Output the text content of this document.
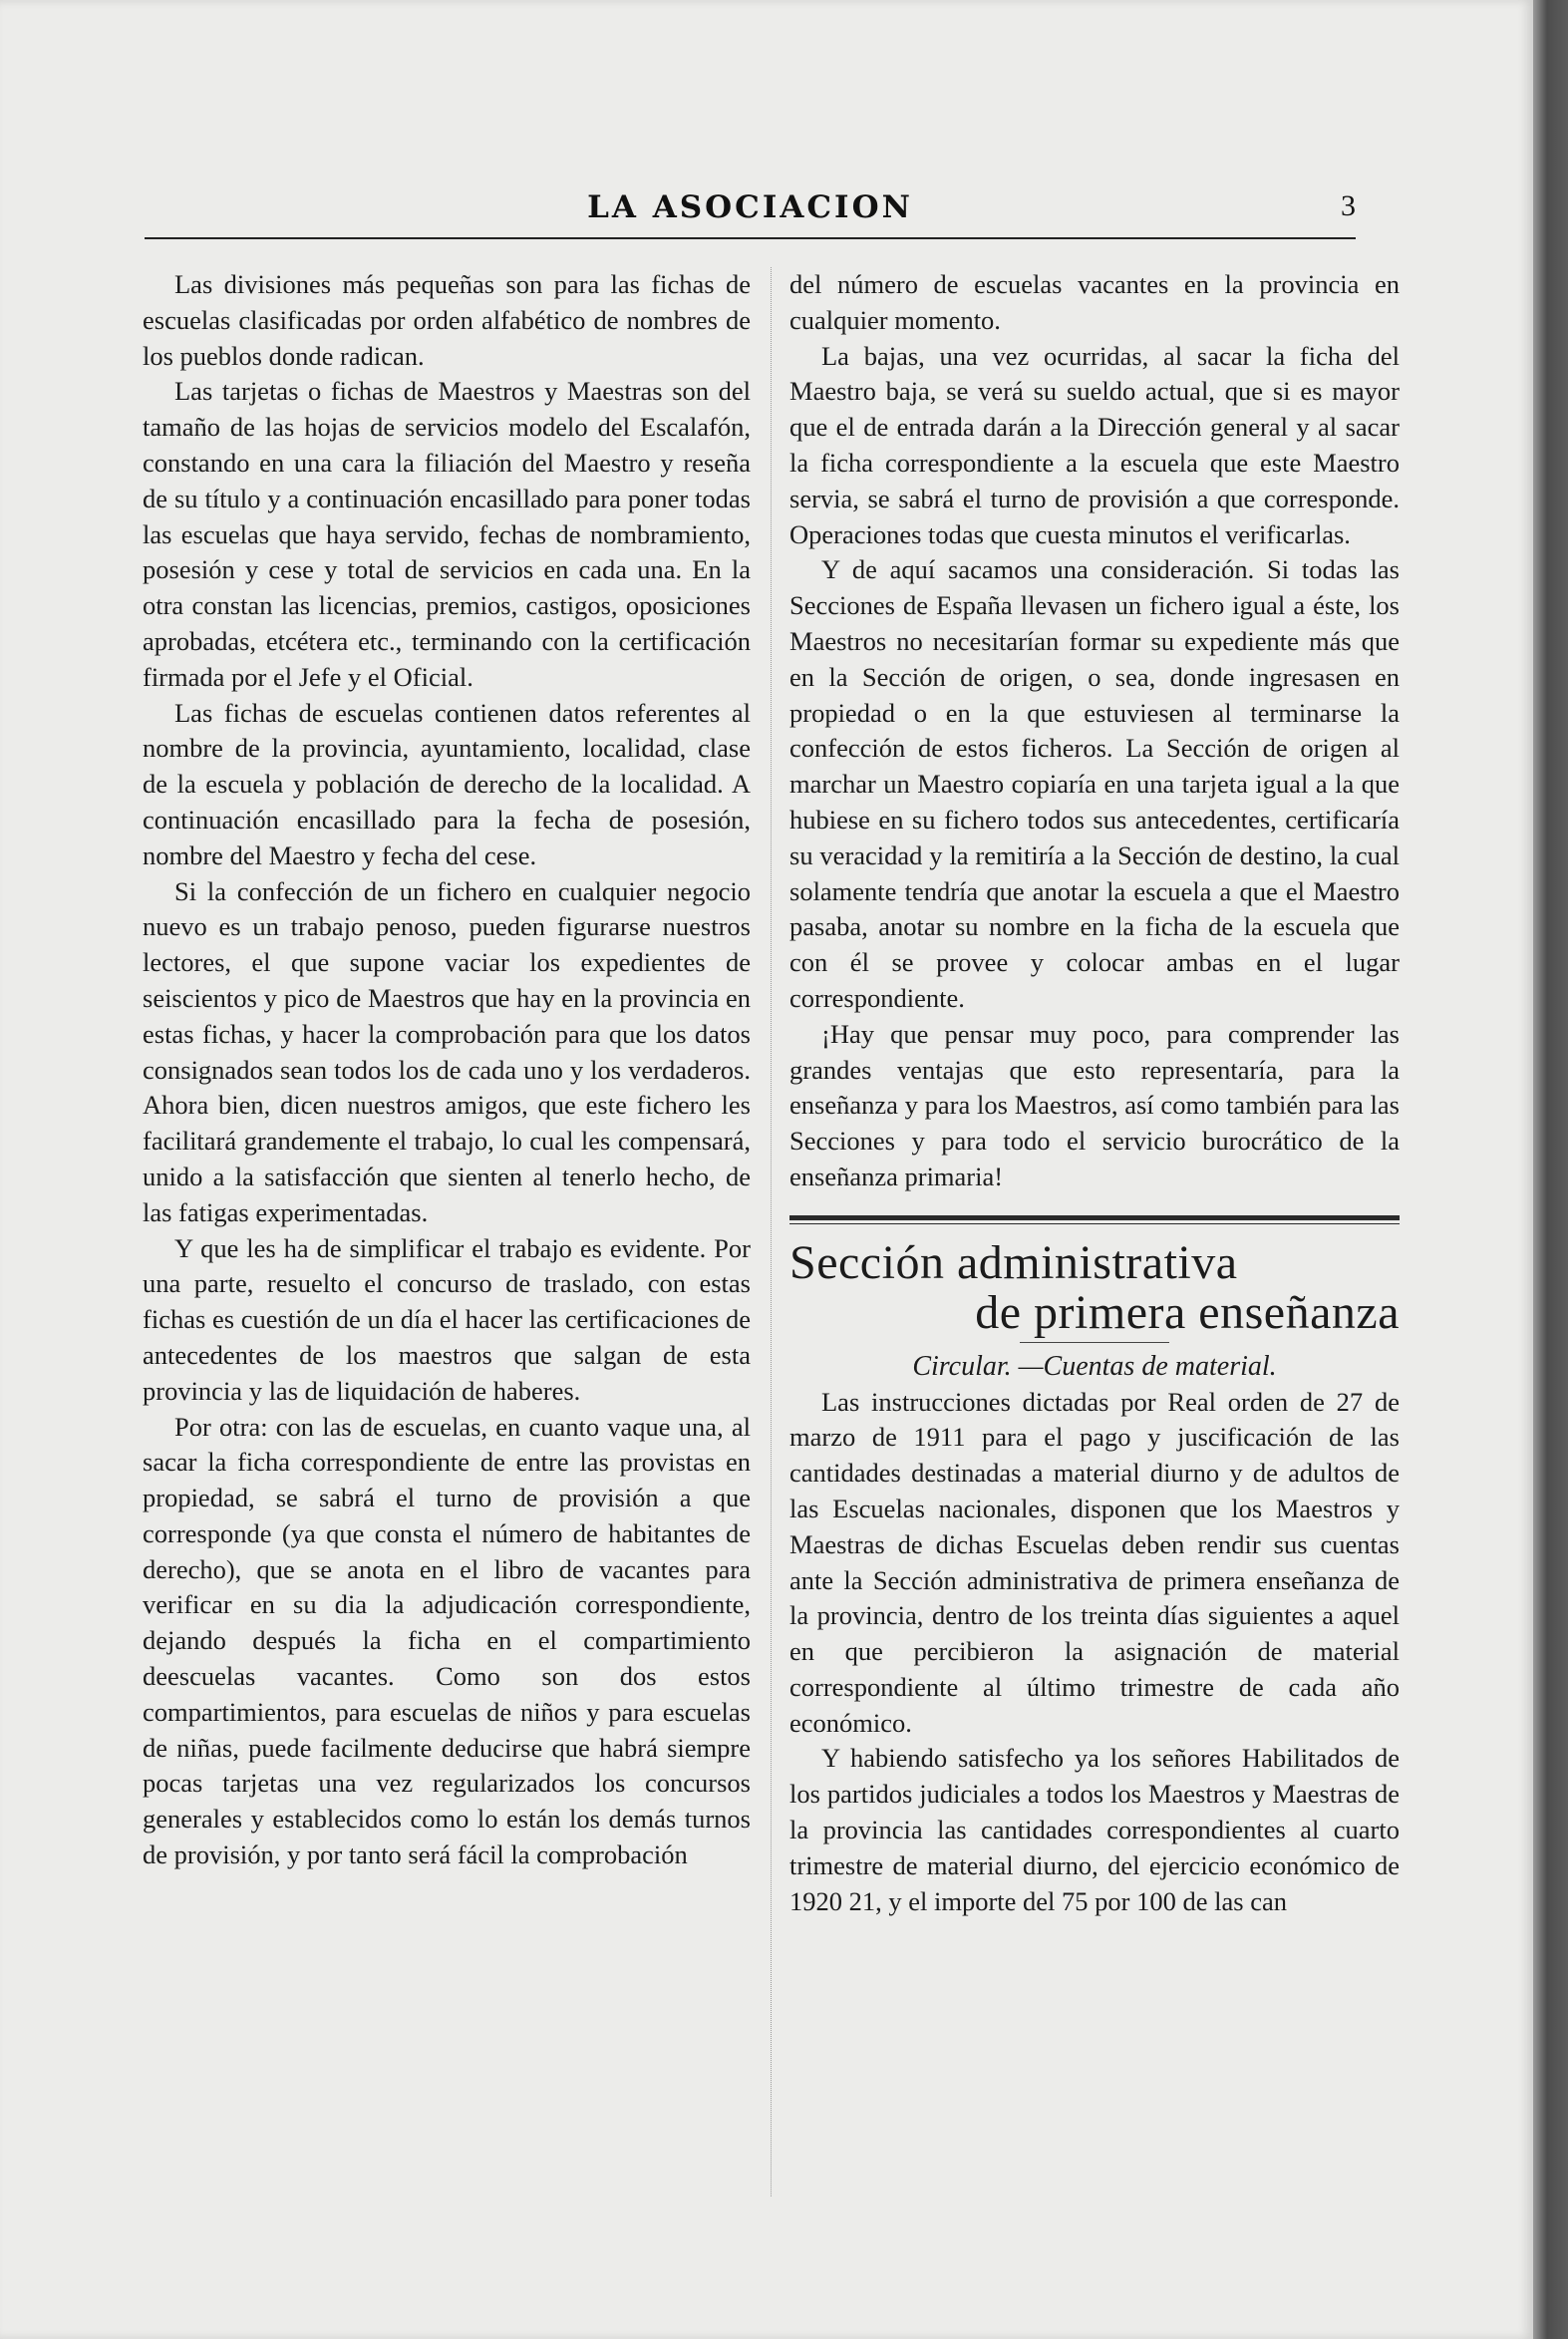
LA ASOCIACION	3

Las divisiones más pequeñas son para las fichas de escuelas clasificadas por orden alfabético de nombres de los pueblos donde radican.

Las tarjetas o fichas de Maestros y Maestras son del tamaño de las hojas de servicios modelo del Escalafón, constando en una cara la filiación del Maestro y reseña de su título y a continuación encasillado para poner todas las escuelas que haya servido, fechas de nombramiento, posesión y cese y total de servicios en cada una. En la otra constan las licencias, premios, castigos, oposiciones aprobadas, etcétera etc., terminando con la certificación firmada por el Jefe y el Oficial.

Las fichas de escuelas contienen datos referentes al nombre de la provincia, ayuntamiento, localidad, clase de la escuela y población de derecho de la localidad. A continuación encasillado para la fecha de posesión, nombre del Maestro y fecha del cese.

Si la confección de un fichero en cualquier negocio nuevo es un trabajo penoso, pueden figurarse nuestros lectores, el que supone vaciar los expedientes de seiscientos y pico de Maestros que hay en la provincia en estas fichas, y hacer la comprobación para que los datos consignados sean todos los de cada uno y los verdaderos. Ahora bien, dicen nuestros amigos, que este fichero les facilitará grandemente el trabajo, lo cual les compensará, unido a la satisfacción que sienten al tenerlo hecho, de las fatigas experimentadas.

Y que les ha de simplificar el trabajo es evidente. Por una parte, resuelto el concurso de traslado, con estas fichas es cuestión de un día el hacer las certificaciones de antecedentes de los maestros que salgan de esta provincia y las de liquidación de haberes.

Por otra: con las de escuelas, en cuanto vaque una, al sacar la ficha correspondiente de entre las provistas en propiedad, se sabrá el turno de provisión a que corresponde (ya que consta el número de habitantes de derecho), que se anota en el libro de vacantes para verificar en su dia la adjudicación correspondiente, dejando después la ficha en el compartimiento deescuelas vacantes. Como son dos estos compartimientos, para escuelas de niños y para escuelas de niñas, puede facilmente deducirse que habrá siempre pocas tarjetas una vez regularizados los concursos generales y establecidos como lo están los demás turnos de provisión, y por tanto será fácil la comprobación

del número de escuelas vacantes en la provincia en cualquier momento.

La bajas, una vez ocurridas, al sacar la ficha del Maestro baja, se verá su sueldo actual, que si es mayor que el de entrada darán a la Dirección general y al sacar la ficha correspondiente a la escuela que este Maestro servia, se sabrá el turno de provisión a que corresponde. Operaciones todas que cuesta minutos el verificarlas.

Y de aquí sacamos una consideración. Si todas las Secciones de España llevasen un fichero igual a éste, los Maestros no necesitarían formar su expediente más que en la Sección de origen, o sea, donde ingresasen en propiedad o en la que estuviesen al terminarse la confección de estos ficheros. La Sección de origen al marchar un Maestro copiaría en una tarjeta igual a la que hubiese en su fichero todos sus antecedentes, certificaría su veracidad y la remitiría a la Sección de destino, la cual solamente tendría que anotar la escuela a que el Maestro pasaba, anotar su nombre en la ficha de la escuela que con él se provee y colocar ambas en el lugar correspondiente.

¡Hay que pensar muy poco, para comprender las grandes ventajas que esto representaría, para la enseñanza y para los Maestros, así como también para las Secciones y para todo el servicio burocrático de la enseñanza primaria!

Sección administrativa
de primera enseñanza

Circular. —Cuentas de material.

Las instrucciones dictadas por Real orden de 27 de marzo de 1911 para el pago y juscificación de las cantidades destinadas a material diurno y de adultos de las Escuelas nacionales, disponen que los Maestros y Maestras de dichas Escuelas deben rendir sus cuentas ante la Sección administrativa de primera enseñanza de la provincia, dentro de los treinta días siguientes a aquel en que percibieron la asignación de material correspondiente al último trimestre de cada año económico.

Y habiendo satisfecho ya los señores Habilitados de los partidos judiciales a todos los Maestros y Maestras de la provincia las cantidades correspondientes al cuarto trimestre de material diurno, del ejercicio económico de 1920 21, y el importe del 75 por 100 de las can
